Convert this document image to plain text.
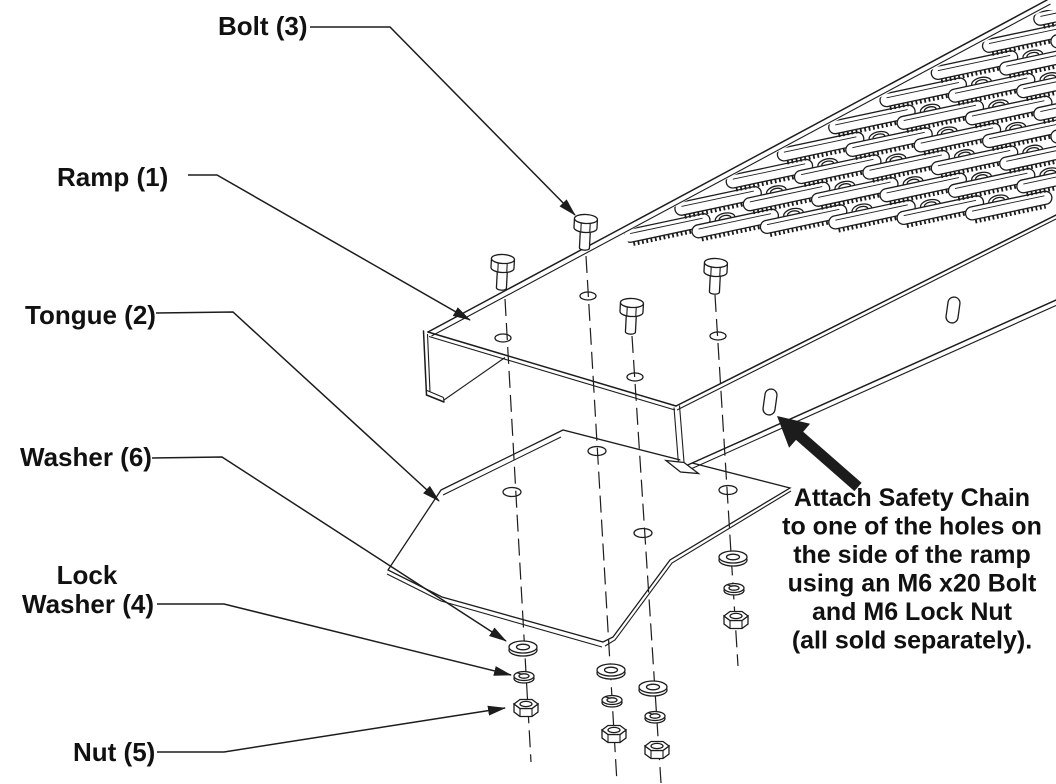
Bolt (3)
Ramp (1)
Tongue (2)
Washer (6)
Lock
Washer (4)
Nut (5)
Attach Safety Chain
to one of the holes on
the side of the ramp
using an M6 x20 Bolt
and M6 Lock Nut
(all sold separately).
